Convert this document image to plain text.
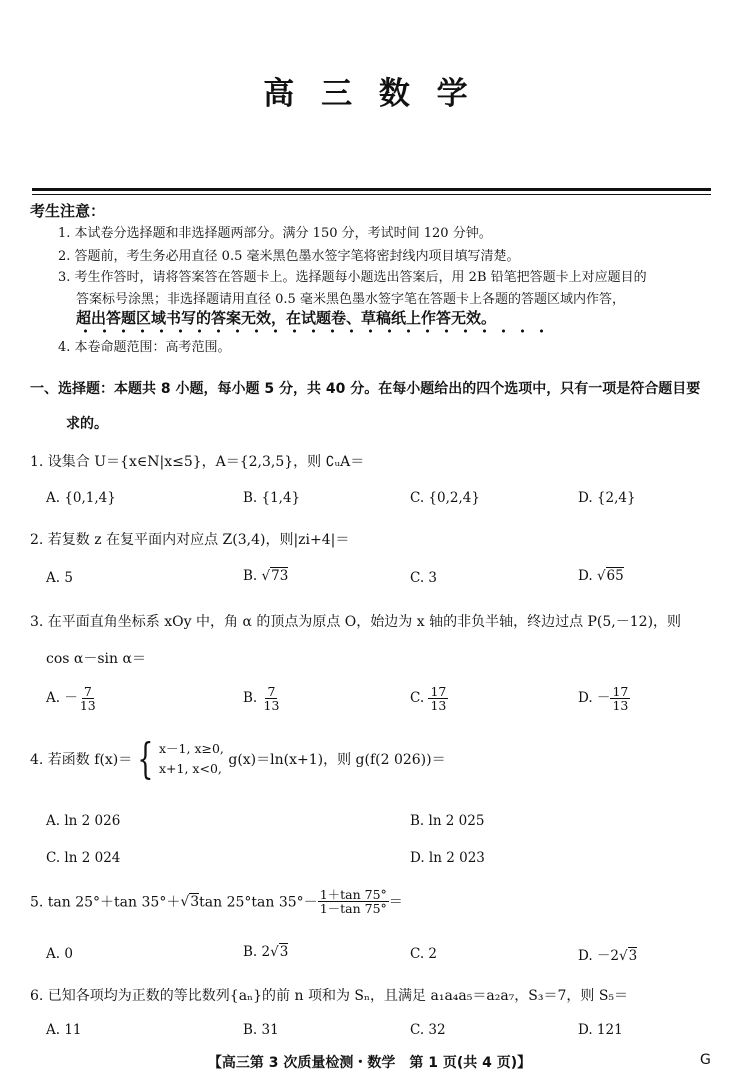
高 三 数 学
考生注意：
1. 本试卷分选择题和非选择题两部分。满分 150 分，考试时间 120 分钟。
2. 答题前，考生务必用直径 0.5 毫米黑色墨水签字笔将密封线内项目填写清楚。
3. 考生作答时，请将答案答在答题卡上。选择题每小题选出答案后，用 2B 铅笔把答题卡上对应题目的
答案标号涂黑；非选择题请用直径 0.5 毫米黑色墨水签字笔在答题卡上各题的答题区域内作答，
超出答题区域书写的答案无效，在试题卷、草稿纸上作答无效。
4. 本卷命题范围：高考范围。
一、选择题：本题共 8 小题，每小题 5 分，共 40 分。在每小题给出的四个选项中，只有一项是符合题目要
求的。
1. 设集合 U＝{x∈N|x≤5}，A＝{2,3,5}，则 ∁ᵤA＝
A. {0,1,4}	B. {1,4}	C. {0,2,4}	D. {2,4}
2. 若复数 z 在复平面内对应点 Z(3,4)，则|zi+4|＝
A. 5	B. √73	C. 3	D. √65
3. 在平面直角坐标系 xOy 中，角 α 的顶点为原点 O，始边为 x 轴的非负半轴，终边过点 P(5,－12)，则
cos α－sin α＝
A. － $\frac{7}{13}$	B. $\frac{7}{13}$	C. $\frac{17}{13}$	D. － $\frac{17}{13}$
4. 若函数 f(x)＝ { x－1, x≥0,
x+1, x<0,
g(x)＝ln(x+1)，则 g(f(2 026))＝
A. ln 2 026	B. ln 2 025
C. ln 2 024	D. ln 2 023
5. tan 25°＋tan 35°＋√3tan 25°tan $35^\circ- \frac{1+\tan 75^\circ}{1-\tan 75^\circ}$ ＝
A. 0	B. 2√3	C. 2	D. －2√3
6. 已知各项均为正数的等比数列{aₙ}的前 n 项和为 Sₙ，且满足 a₁a₄a₅＝a₂a₇，S₃＝7，则 S₅＝
A. 11	B. 31	C. 32	D. 121
【高三第 3 次质量检测・数学　第 1 页(共 4 页)】	G
